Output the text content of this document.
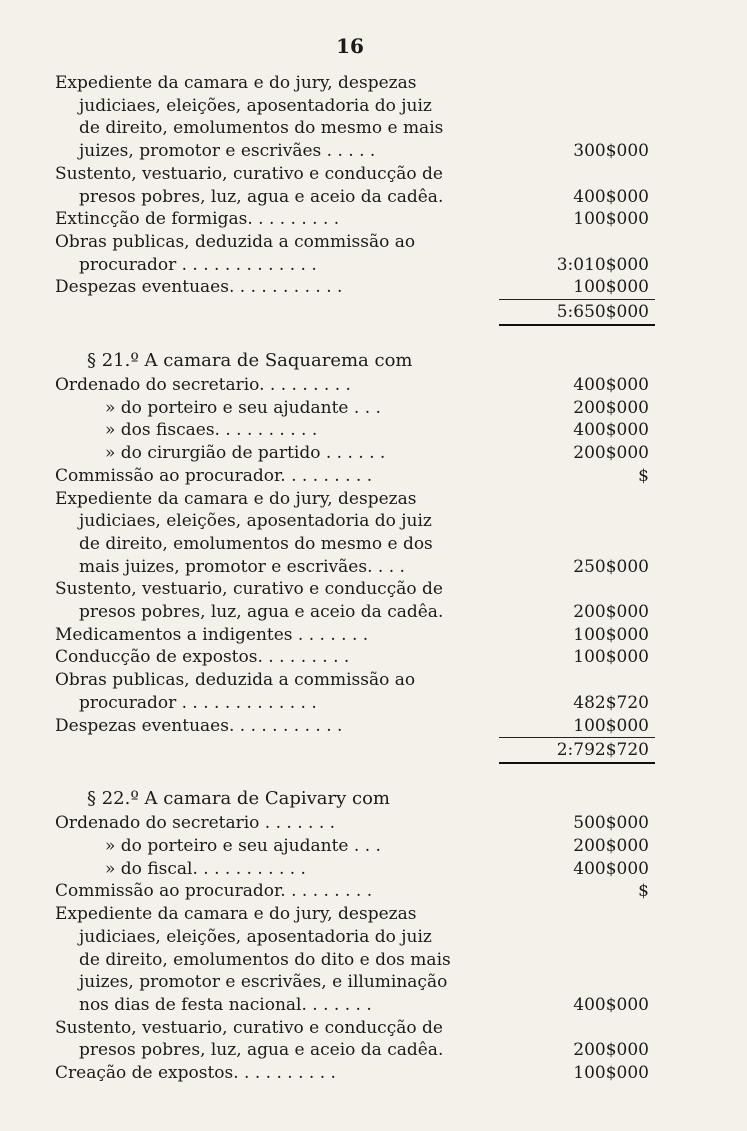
16
Expediente da camara e do jury, despezas
judiciaes, eleições, aposentadoria do juiz
de direito, emolumentos do mesmo e mais
juizes, promotor e escrivães . . . . .	300$000
Sustento, vestuario, curativo e conducção de
presos pobres, luz, agua e aceio da cadêa.	400$000
Extincção de formigas. . . . . . . . .	100$000
Obras publicas, deduzida a commissão ao
procurador . . . . . . . . . . . . .	3:010$000
Despezas eventuaes. . . . . . . . . . .	100$000
5:650$000
§ 21.º A camara de Saquarema com
Ordenado do secretario. . . . . . . . .	400$000
» do porteiro e seu ajudante . . .	200$000
» dos fiscaes. . . . . . . . . .	400$000
» do cirurgião de partido . . . . . .	200$000
Commissão ao procurador. . . . . . . . .	$
Expediente da camara e do jury, despezas
judiciaes, eleições, aposentadoria do juiz
de direito, emolumentos do mesmo e dos
mais juizes, promotor e escrivães. . . .	250$000
Sustento, vestuario, curativo e conducção de
presos pobres, luz, agua e aceio da cadêa.	200$000
Medicamentos a indigentes . . . . . . .	100$000
Conducção de expostos. . . . . . . . .	100$000
Obras publicas, deduzida a commissão ao
procurador . . . . . . . . . . . . .	482$720
Despezas eventuaes. . . . . . . . . . .	100$000
2:792$720
§ 22.º A camara de Capivary com
Ordenado do secretario . . . . . . .	500$000
» do porteiro e seu ajudante . . .	200$000
» do fiscal. . . . . . . . . . .	400$000
Commissão ao procurador. . . . . . . . .	$
Expediente da camara e do jury, despezas
judiciaes, eleições, aposentadoria do juiz
de direito, emolumentos do dito e dos mais
juizes, promotor e escrivães, e illuminação
nos dias de festa nacional. . . . . . .	400$000
Sustento, vestuario, curativo e conducção de
presos pobres, luz, agua e aceio da cadêa.	200$000
Creação de expostos. . . . . . . . . .	100$000
